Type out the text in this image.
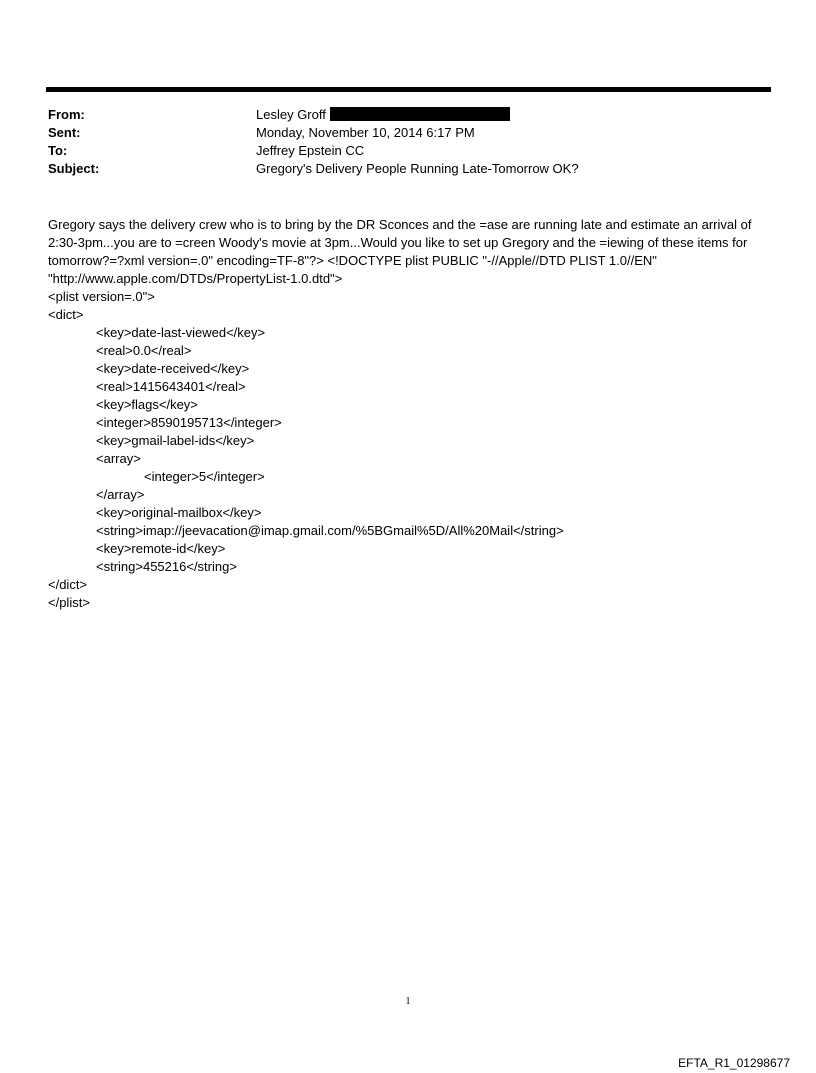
From:	Lesley Groff
Sent:	Monday, November 10, 2014 6:17 PM
To:	Jeffrey Epstein CC
Subject:	Gregory's Delivery People Running Late-Tomorrow OK?

Gregory says the delivery crew who is to bring by the DR Sconces and the =ase are running late and estimate an arrival of 2:30-3pm...you are to =creen Woody's movie at 3pm...Would you like to set up Gregory and the =iewing of these items for tomorrow?=?xml version=.0" encoding=TF-8"?> <!DOCTYPE plist PUBLIC "-//Apple//DTD PLIST 1.0//EN" "http://www.apple.com/DTDs/PropertyList-1.0.dtd">

<plist version=.0">
<dict>
<key>date-last-viewed</key>
<real>0.0</real>
<key>date-received</key>
<real>1415643401</real>
<key>flags</key>
<integer>8590195713</integer>
<key>gmail-label-ids</key>
<array>
<integer>5</integer>
</array>
<key>original-mailbox</key>
<string>imap://jeevacation@imap.gmail.com/%5BGmail%5D/All%20Mail</string>
<key>remote-id</key>
<string>455216</string>
</dict>
</plist>
1
EFTA_R1_01298677
